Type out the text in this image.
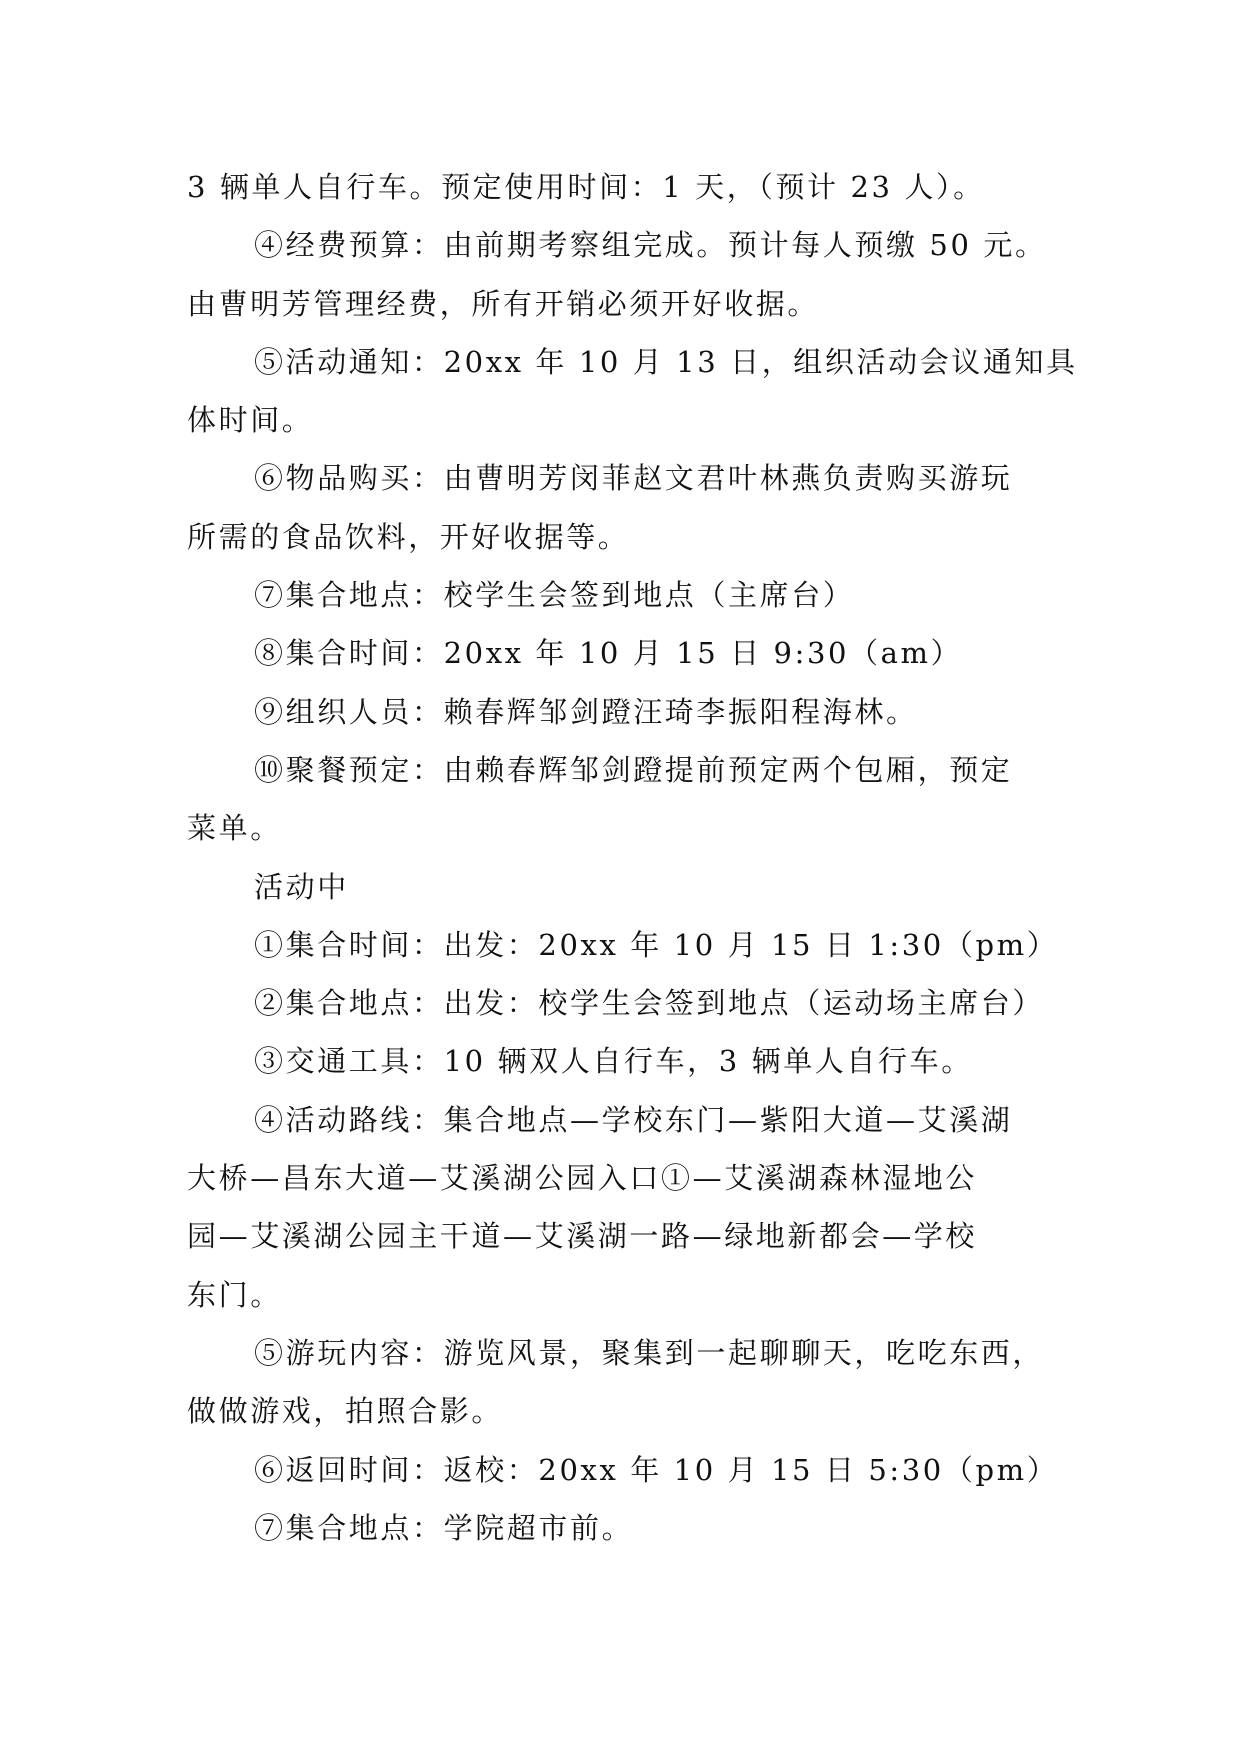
3 辆单人自行车。预定使用时间：1 天，（预计 23 人）。

④经费预算：由前期考察组完成。预计每人预缴 50 元。

由曹明芳管理经费，所有开销必须开好收据。

⑤活动通知：20xx 年 10 月 13 日，组织活动会议通知具

体时间。

⑥物品购买：由曹明芳闵菲赵文君叶林燕负责购买游玩

所需的食品饮料，开好收据等。

⑦集合地点：校学生会签到地点（主席台）

⑧集合时间：20xx 年 10 月 15 日 9:30（am）

⑨组织人员：赖春辉邹剑蹬汪琦李振阳程海林。

⑩聚餐预定：由赖春辉邹剑蹬提前预定两个包厢，预定

菜单。

活动中

①集合时间：出发：20xx 年 10 月 15 日 1:30（pm）

②集合地点：出发：校学生会签到地点（运动场主席台）

③交通工具：10 辆双人自行车，3 辆单人自行车。

④活动路线：集合地点—学校东门—紫阳大道—艾溪湖

大桥—昌东大道—艾溪湖公园入口①—艾溪湖森林湿地公

园—艾溪湖公园主干道—艾溪湖一路—绿地新都会—学校

东门。

⑤游玩内容：游览风景，聚集到一起聊聊天，吃吃东西，

做做游戏，拍照合影。

⑥返回时间：返校：20xx 年 10 月 15 日 5:30（pm）

⑦集合地点：学院超市前。
